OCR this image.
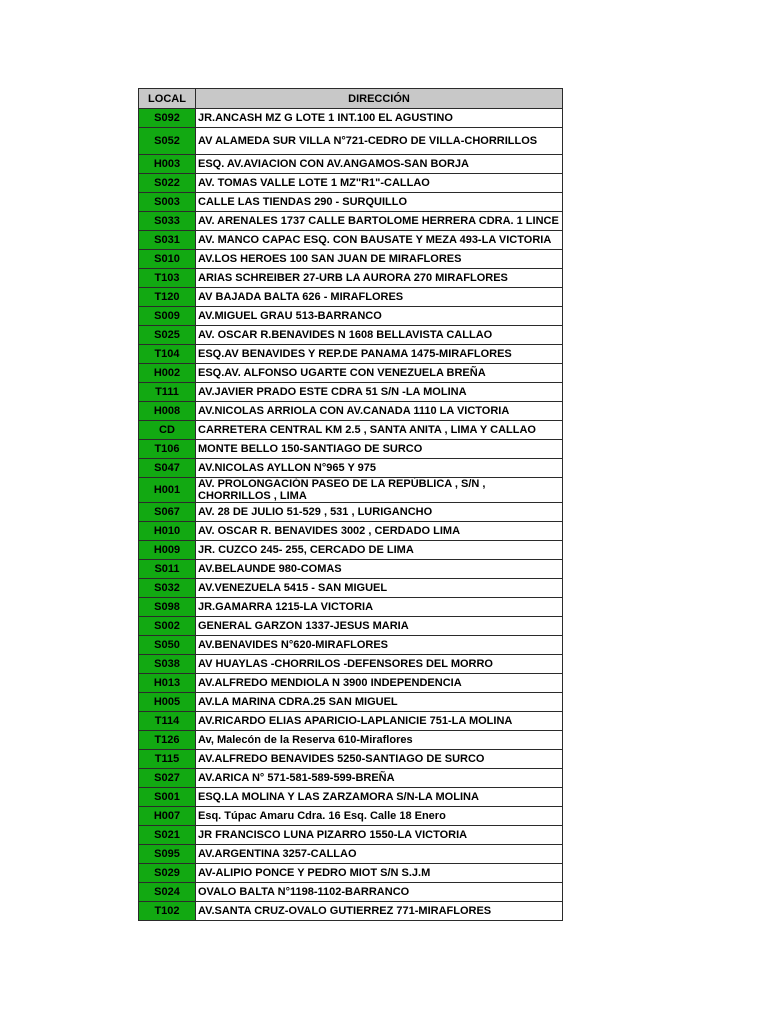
LOCAL	DIRECCIÓN
S092	JR.ANCASH MZ G LOTE 1 INT.100 EL AGUSTINO
S052	AV ALAMEDA SUR VILLA N°721-CEDRO DE VILLA-CHORRILLOS
H003	ESQ. AV.AVIACION CON AV.ANGAMOS-SAN BORJA
S022	AV. TOMAS VALLE LOTE 1 MZ"R1"-CALLAO
S003	CALLE LAS TIENDAS 290 - SURQUILLO
S033	AV. ARENALES 1737 CALLE BARTOLOME HERRERA CDRA. 1 LINCE
S031	AV. MANCO CAPAC ESQ. CON BAUSATE Y MEZA 493-LA VICTORIA
S010	AV.LOS HEROES 100 SAN JUAN DE MIRAFLORES
T103	ARIAS SCHREIBER 27-URB LA AURORA 270 MIRAFLORES
T120	AV BAJADA BALTA 626 - MIRAFLORES
S009	AV.MIGUEL GRAU 513-BARRANCO
S025	AV. OSCAR R.BENAVIDES N 1608 BELLAVISTA CALLAO
T104	ESQ.AV BENAVIDES Y REP.DE PANAMA 1475-MIRAFLORES
H002	ESQ.AV. ALFONSO UGARTE CON VENEZUELA BREÑA
T111	AV.JAVIER PRADO ESTE CDRA 51 S/N -LA MOLINA
H008	AV.NICOLAS ARRIOLA CON AV.CANADA 1110 LA VICTORIA
CD	CARRETERA CENTRAL KM 2.5 , SANTA ANITA , LIMA Y CALLAO
T106	MONTE BELLO 150-SANTIAGO DE SURCO
S047	AV.NICOLAS AYLLON N°965 Y 975
H001	AV. PROLONGACIÓN PASEO DE LA REPÚBLICA , S/N , CHORRILLOS , LIMA
S067	AV. 28 DE JULIO 51-529 , 531 , LURIGANCHO
H010	AV. OSCAR R. BENAVIDES 3002 , CERDADO LIMA
H009	JR. CUZCO 245- 255, CERCADO DE LIMA
S011	AV.BELAUNDE 980-COMAS
S032	AV.VENEZUELA 5415 - SAN MIGUEL
S098	JR.GAMARRA 1215-LA VICTORIA
S002	GENERAL GARZON 1337-JESUS MARIA
S050	AV.BENAVIDES N°620-MIRAFLORES
S038	AV HUAYLAS -CHORRILOS -DEFENSORES DEL MORRO
H013	AV.ALFREDO MENDIOLA N 3900 INDEPENDENCIA
H005	AV.LA MARINA CDRA.25 SAN MIGUEL
T114	AV.RICARDO ELIAS APARICIO-LAPLANICIE 751-LA MOLINA
T126	Av, Malecón de la Reserva 610-Miraflores
T115	AV.ALFREDO BENAVIDES 5250-SANTIAGO DE SURCO
S027	AV.ARICA N° 571-581-589-599-BREÑA
S001	ESQ.LA MOLINA Y LAS ZARZAMORA S/N-LA MOLINA
H007	Esq. Túpac Amaru Cdra. 16 Esq. Calle 18 Enero
S021	JR FRANCISCO LUNA PIZARRO 1550-LA VICTORIA
S095	AV.ARGENTINA 3257-CALLAO
S029	AV-ALIPIO PONCE Y PEDRO MIOT S/N S.J.M
S024	OVALO BALTA N°1198-1102-BARRANCO
T102	AV.SANTA CRUZ-OVALO GUTIERREZ 771-MIRAFLORES
